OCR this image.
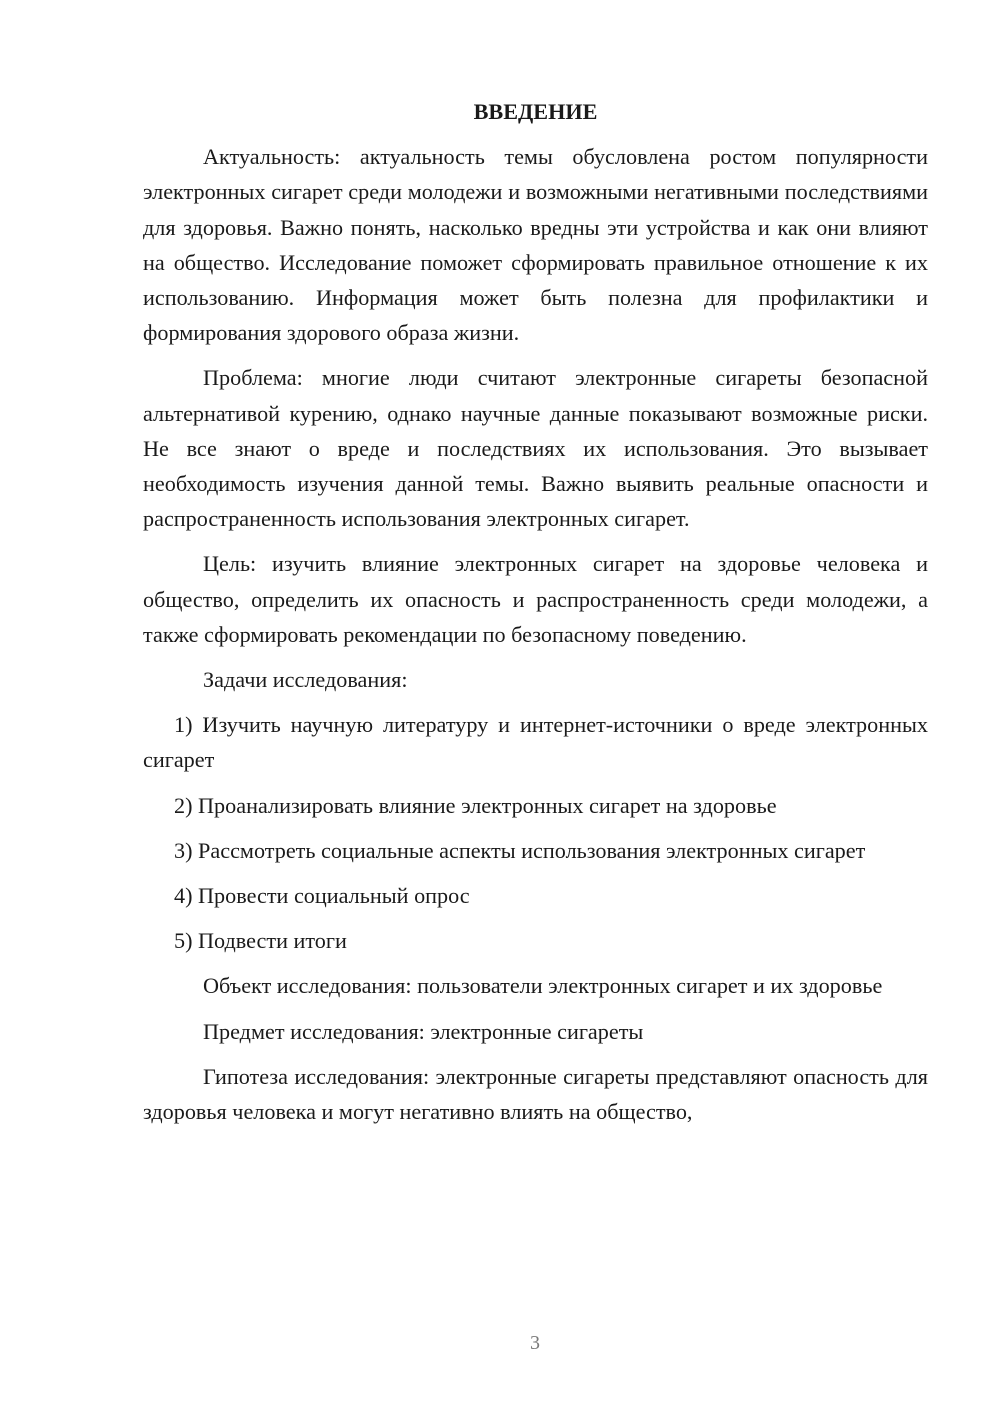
ВВЕДЕНИЕ

Актуальность: актуальность темы обусловлена ростом популярности электронных сигарет среди молодежи и возможными негативными последствиями для здоровья. Важно понять, насколько вредны эти устройства и как они влияют на общество. Исследование поможет сформировать правильное отношение к их использованию. Информация может быть полезна для профилактики и формирования здорового образа жизни.

Проблема: многие люди считают электронные сигареты безопасной альтернативой курению, однако научные данные показывают возможные риски. Не все знают о вреде и последствиях их использования. Это вызывает необходимость изучения данной темы. Важно выявить реальные опасности и распространенность использования электронных сигарет.

Цель: изучить влияние электронных сигарет на здоровье человека и общество, определить их опасность и распространенность среди молодежи, а также сформировать рекомендации по безопасному поведению.

Задачи исследования:

1) Изучить научную литературу и интернет-источники о вреде электронных сигарет

2) Проанализировать влияние электронных сигарет на здоровье

3) Рассмотреть социальные аспекты использования электронных сигарет

4) Провести социальный опрос

5) Подвести итоги

Объект исследования: пользователи электронных сигарет и их здоровье

Предмет исследования: электронные сигареты

Гипотеза исследования: электронные сигареты представляют опасность для здоровья человека и могут негативно влиять на общество,

3
